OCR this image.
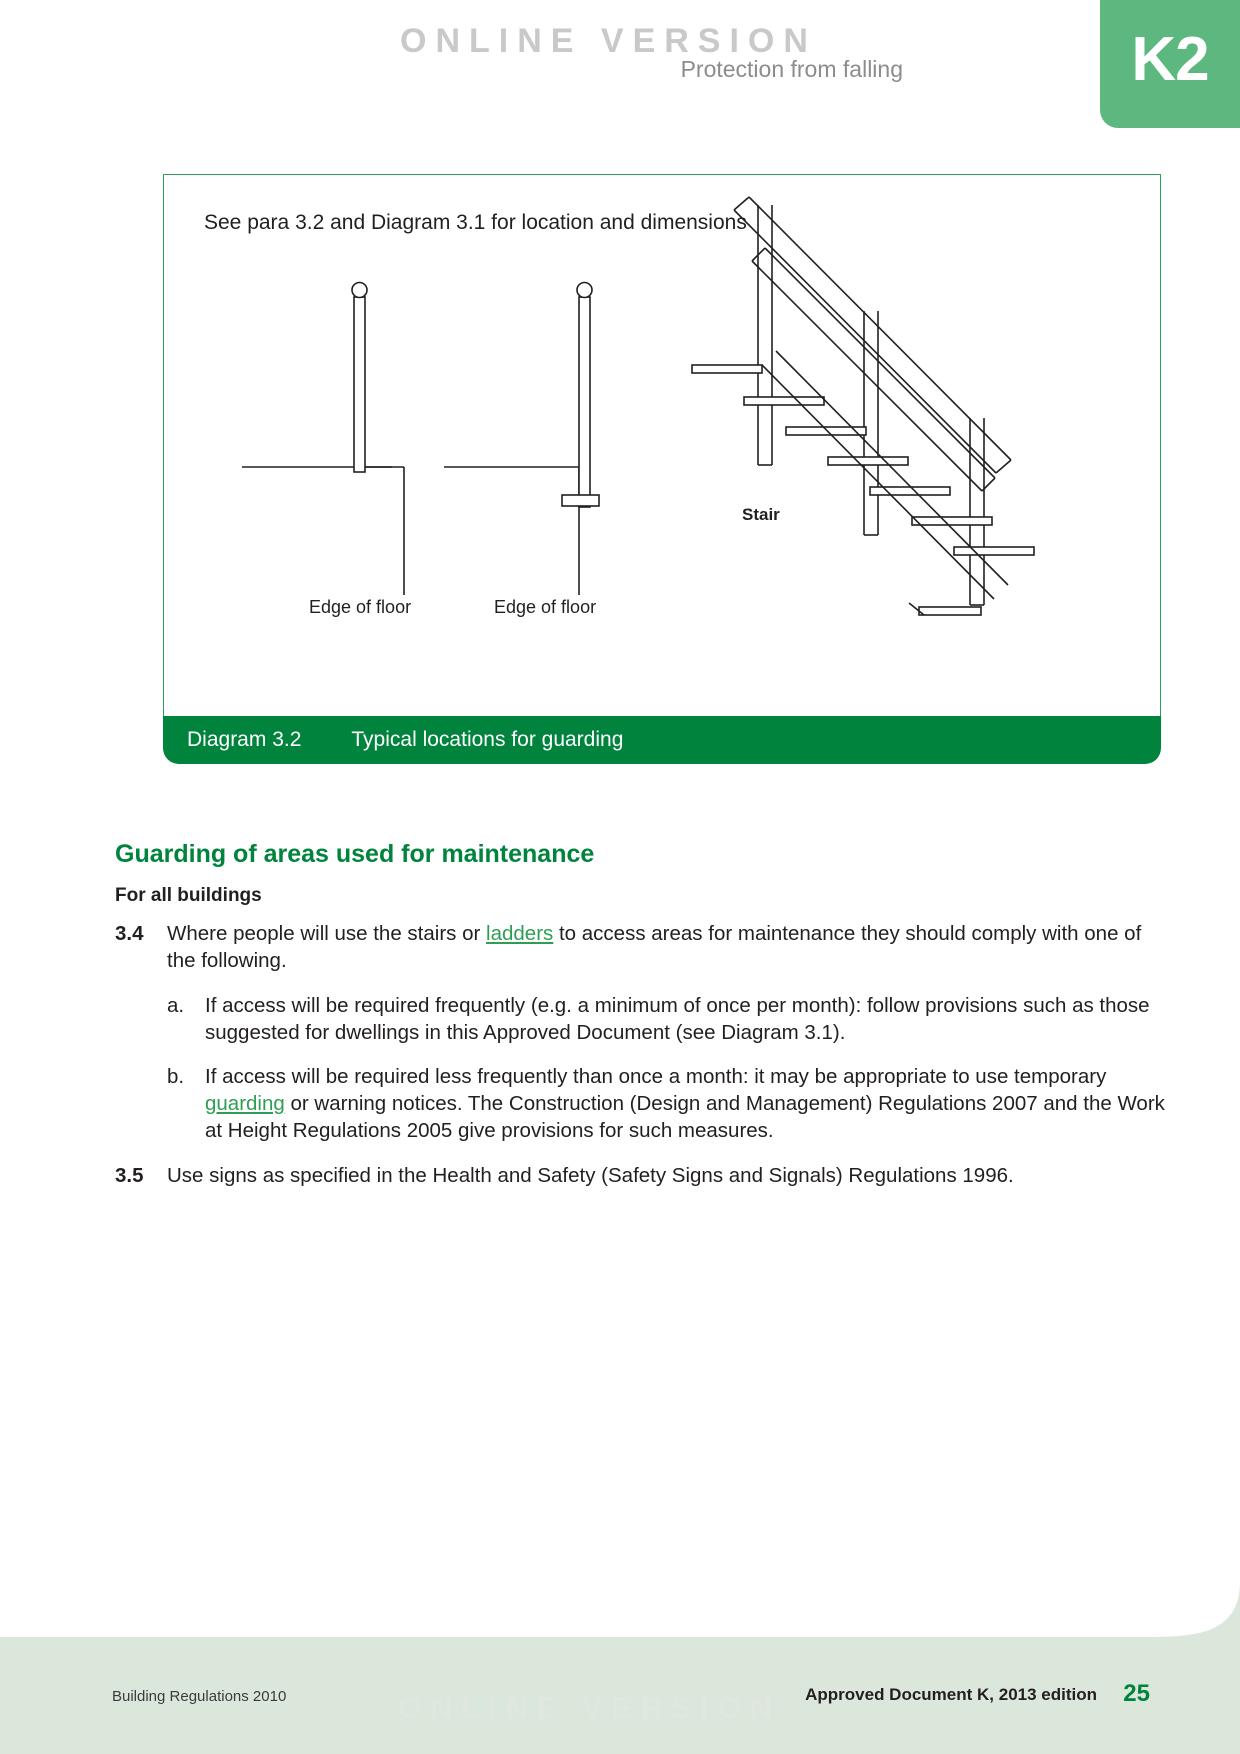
ONLINE VERSION
Protection from falling	K2
See para 3.2 and Diagram 3.1 for location and dimensions
Stair
Edge of floor	Edge of floor
Diagram 3.2 Typical locations for guarding
Guarding of areas used for maintenance
For all buildings
3.4 Where people will use the stairs or ladders to access areas for maintenance they should comply with one of the following.
a. If access will be required frequently (e.g. a minimum of once per month): follow provisions such as those suggested for dwellings in this Approved Document (see Diagram 3.1).
b. If access will be required less frequently than once a month: it may be appropriate to use temporary guarding or warning notices. The Construction (Design and Management) Regulations 2007 and the Work at Height Regulations 2005 give provisions for such measures.
3.5 Use signs as specified in the Health and Safety (Safety Signs and Signals) Regulations 1996.
ONLINE VERSION
Building Regulations 2010	Approved Document K, 2013 edition 25
